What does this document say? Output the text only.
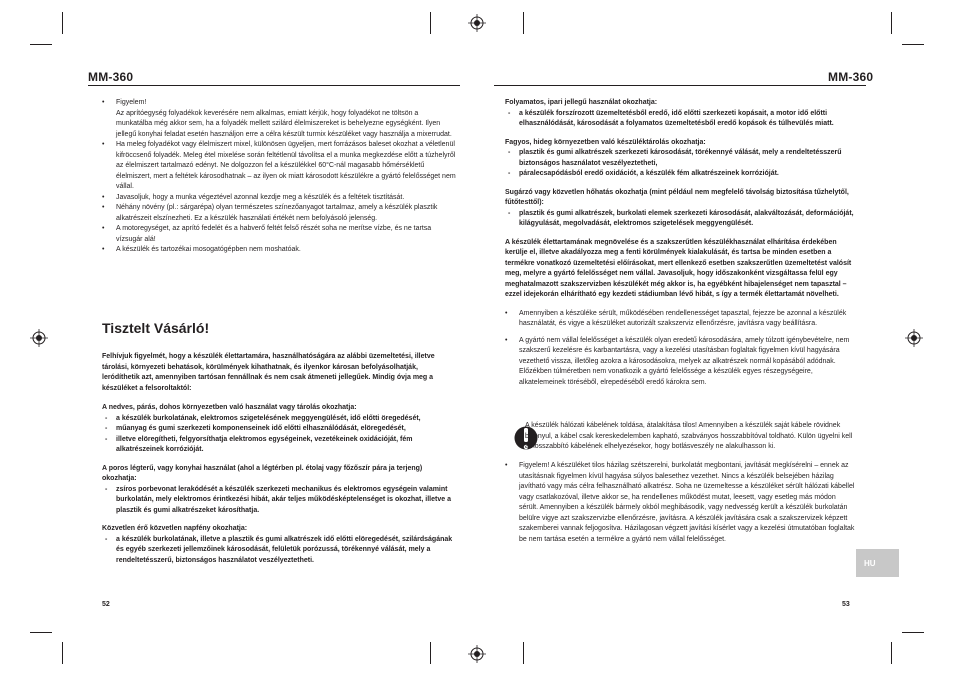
MM-360	MM-360

• Figyelem!
Az aprítóegység folyadékok keverésére nem alkalmas, emiatt kérjük, hogy folyadékot ne töltsön a munkatálba még akkor sem, ha a folyadék mellett szilárd élelmiszereket is behelyezne egységként. Ilyen jellegű konyhai feladat esetén használjon erre a célra készült turmix készüléket vagy használja a mixerrudat.

• Ha meleg folyadékot vagy élelmiszert mixel, különösen ügyeljen, mert forrázásos baleset okozhat a véletlenül kifröccsenő folyadék. Meleg étel mixelése során feltétlenül távolítsa el a munka megkezdése előtt a túzhelyről az élelmiszert tartalmazó edényt. Ne dolgozzon fel a készülékkel 60°C-nál magasabb hőmérsékletű élelmiszert, mert a feltétek károsodhatnak – az ilyen ok miatt károsodott készülékre a gyártó felelősséget nem vállal.

• Javasoljuk, hogy a munka végeztével azonnal kezdje meg a készülék és a feltétek tisztítását.

• Néhány növény (pl.: sárgarépa) olyan természetes színezőanyagot tartalmaz, amely a készülék plasztik alkatrészeit elszínezheti. Ez a készülék használati értékét nem befolyásoló jelenség.

• A motoregységet, az aprító fedelét és a habverő feltét felső részét soha ne merítse vízbe, és ne tartsa vízsugár alá!

• A készülék és tartozékai mosogatógépben nem moshatóak.

Tisztelt Vásárló!

Felhívjuk figyelmét, hogy a készülék élettartamára, használhatóságára az alábbi üzemeltetési, illetve tárolási, környezeti behatások, körülmények kihathatnak, és ilyenkor károsan befolyásolhatják, leródíthetik azt, amennyiben tartósan fennállnak és nem csak átmeneti jellegűek. Mindig óvja meg a készüléket a felsoroltaktól:

A nedves, párás, dohos környezetben való használat vagy tárolás okozhatja:

- a készülék burkolatának, elektromos szigetelésének meggyengülését, idő előtti öregedését,

- műanyag és gumi szerkezeti komponenseinek idő előtti elhasználódását, elöregedését,

- illetve elöregítheti, felgyorsíthatja elektromos egységeinek, vezetékeinek oxidációját, fém alkatrészeinek korrózióját.

A poros légterű, vagy konyhai használat (ahol a légtérben pl. étolaj vagy főzőszír pára ja terjeng) okozhatja:

- zsíros porbevonat lerakódését a készülék szerkezeti mechanikus és elektromos egységein valamint burkolatán, mely elektromos érintkezési hibát, akár teljes működésképtelenséget is okozhat, illetve a plasztik és gumi alkatrészeket károsíthatja.

Közvetlen érő közvetlen napfény okozhatja:

- a készülék burkolatának, illetve a plasztik és gumi alkatrészek idő előtti elöregedését, szilárdságának és egyéb szerkezeti jellemzőinek károsodását, felületük porózussá, törékennyé válását, mely a rendeltetésszerű, biztonságos használatot veszélyeztetheti.

52

Folyamatos, ipari jellegű használat okozhatja:

- a készülék forszírozott üzemeltetésből eredő, idő előtti szerkezeti kopásait, a motor idő előtti elhasználódását, károsodását a folyamatos üzemeltetésből eredő kopások és túlhevülés miatt.

Fagyos, hideg környezetben való készüléktárolás okozhatja:

- plasztik és gumi alkatrészek szerkezeti károsodását, törékennyé válását, mely a rendeltetésszerű biztonságos használatot veszélyeztetheti,

- páralecsapódásból eredő oxidációt, a készülék fém alkatrészeinek korrózióját.

Sugárzó vagy közvetlen hőhatás okozhatja (mint például nem megfelelő távolság biztosítása tűzhelytől, fűtőtesttől):

- plasztik és gumi alkatrészek, burkolati elemek szerkezeti károsodását, alakváltozását, deformációját, kilágyulását, megolvadását, elektromos szigetelések meggyengülését.

A készülék élettartamának megnövelése és a szakszerűtlen készülékhasználat elhárítása érdekében kerülje el, illetve akadályozza meg a fenti körülmények kialakulását, és tartsa be minden esetben a termékre vonatkozó üzemeltetési előírásokat, mert ellenkező esetben szakszerűtlen üzemeltetést valósít meg, melyre a gyártó felelősséget nem vállal. Javasoljuk, hogy időszakonként vizsgáltassa felül egy meghatalmazott szakszervizben készülékét még akkor is, ha egyébként hibajelenséget nem tapasztal – ezzel idejekorán elhárítható egy kezdeti stádiumban lévő hibát, s így a termék élettartamát növelheti.

• Amennyiben a készüléke sérült, működésében rendellenességet tapasztal, fejezze be azonnal a készülék használatát, és vigye a készüléket autorizált szakszerviz ellenőrzésre, javításra vagy beállításra.

• A gyártó nem vállal felelősséget a készülék olyan eredetű károsodására, amely túlzott igénybevételre, nem szakszerű kezelésre és karbantartásra, vagy a kezelési utasításban foglaltak figyelmen kívül hagyására vezethető vissza, illetőleg azokra a károsodásokra, melyek az alkatrészek normál kopásából adódnak. Előzékben túlméretben nem vonatkozik a gyártó felelőssége a készülék egyes részegységeire, alkatelemeinek töréséből, elrepedéséből eredő károkra sem.

A készülék hálózati kábelének toldása, átalakítása tilos! Amennyiben a készülék saját kábele rövidnek bizonyul, a kábel csak kereskedelemben kapható, szabványos hosszabbítóval toldható. Külön ügyelni kell a hosszabbító kábelének elhelyezésekor, hogy botlásveszély ne alakulhasson ki.

• Figyelem! A készüléket tilos házilag szétszerelni, burkolatát megbontani, javítását megkísérelni – ennek az utasításnak figyelmen kívül hagyása súlyos balesethez vezethet. Nincs a készülék belsejében házilag javítható vagy más célra felhasználható alkatrész. Soha ne üzemeltesse a készüléket sérült hálózati kábellel vagy csatlakozóval, illetve akkor se, ha rendellenes működést mutat, leesett, vagy esetleg más módon sérült. Amennyiben a készülék bármely okból meghibásodik, vagy nedvesség került a készülék burkolatán belülre vigye azt szakszervizbe ellenőrzésre, javításra. A készülék javítására csak a szakszervizek képzett szakemberei vannak feljogosítva. Házilagosan végzett javítási kísérlet vagy a kezelési útmutatóban foglaltak be nem tartása esetén a termékre a gyártó nem vállal felelősséget.

HU
53
